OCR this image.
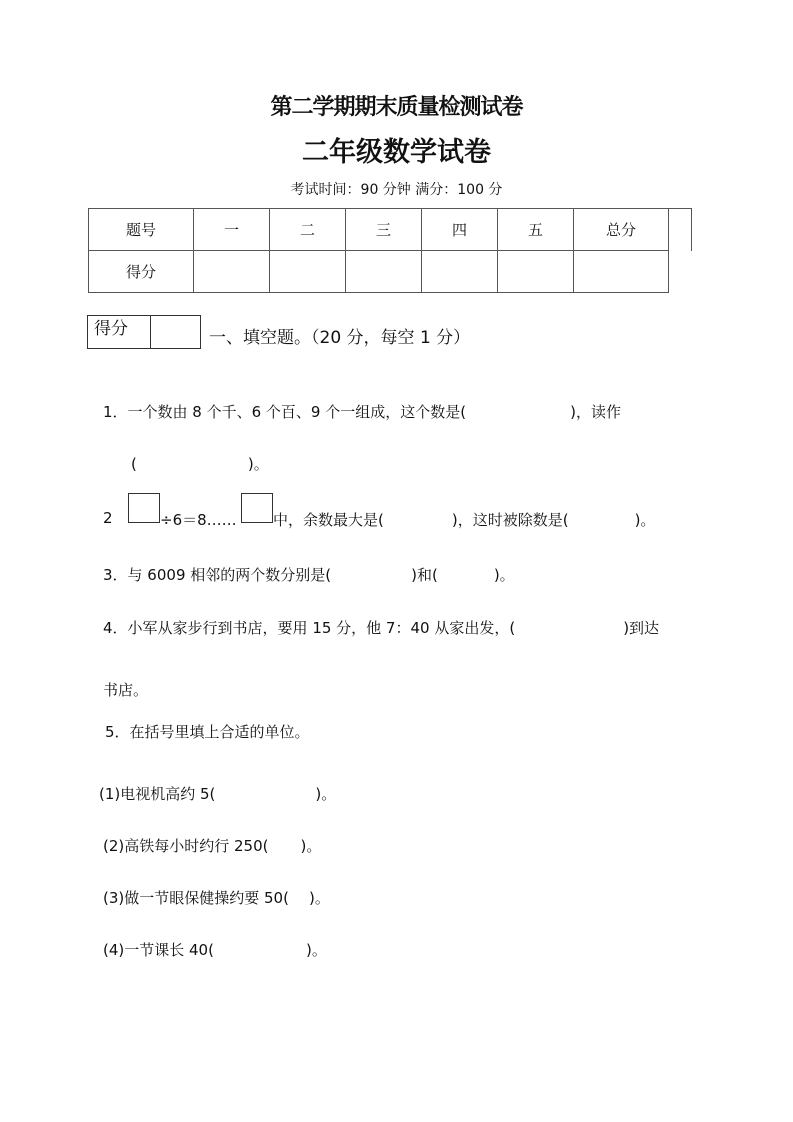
第二学期期末质量检测试卷
二年级数学试卷
考试时间：90 分钟 满分：100 分
题号	一	二	三	四	五	总分	
得分							
得分	一、填空题。（20 分，每空 1 分）
1．一个数由 8 个千、6 个百、9 个一组成，这个数是(	)，读作
(	)。
2	÷6＝8…… 中，余数最大是(	)，这时被除数是(	)。
3．与 6009 相邻的两个数分别是(	)和(	)。
4．小军从家步行到书店，要用 15 分，他 7：40 从家出发，(	)到达
书店。
5．在括号里填上合适的单位。
(1)电视机高约 5(	)。
(2)高铁每小时约行 250( )。
(3)做一节眼保健操约要 50( )。
(4)一节课长 40(	)。
